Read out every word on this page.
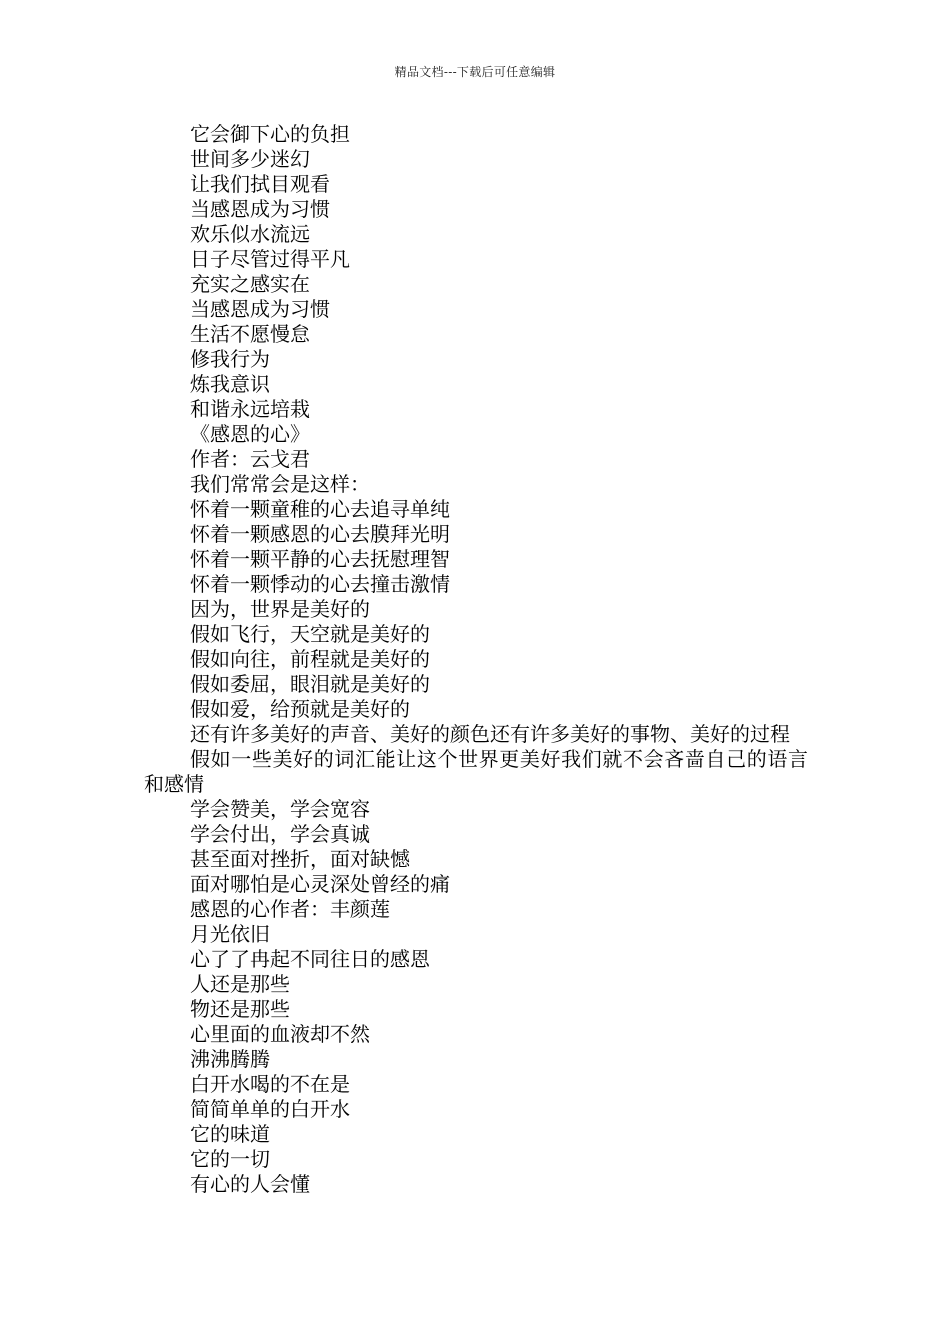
精品文档---下载后可任意编辑
它会御下心的负担
世间多少迷幻
让我们拭目观看
当感恩成为习惯
欢乐似水流远
日子尽管过得平凡
充实之感实在
当感恩成为习惯
生活不愿慢怠
修我行为
炼我意识
和谐永远培栽
《感恩的心》
作者：云戈君
我们常常会是这样：
怀着一颗童稚的心去追寻单纯
怀着一颗感恩的心去膜拜光明
怀着一颗平静的心去抚慰理智
怀着一颗悸动的心去撞击激情
因为，世界是美好的
假如飞行，天空就是美好的
假如向往，前程就是美好的
假如委屈，眼泪就是美好的
假如爱，给预就是美好的
还有许多美好的声音、美好的颜色还有许多美好的事物、美好的过程
假如一些美好的词汇能让这个世界更美好我们就不会吝啬自己的语言和感情
学会赞美，学会宽容
学会付出，学会真诚
甚至面对挫折，面对缺憾
面对哪怕是心灵深处曾经的痛
感恩的心作者：丰颜莲
月光依旧
心了了冉起不同往日的感恩
人还是那些
物还是那些
心里面的血液却不然
沸沸腾腾
白开水喝的不在是
简简单单的白开水
它的味道
它的一切
有心的人会懂
